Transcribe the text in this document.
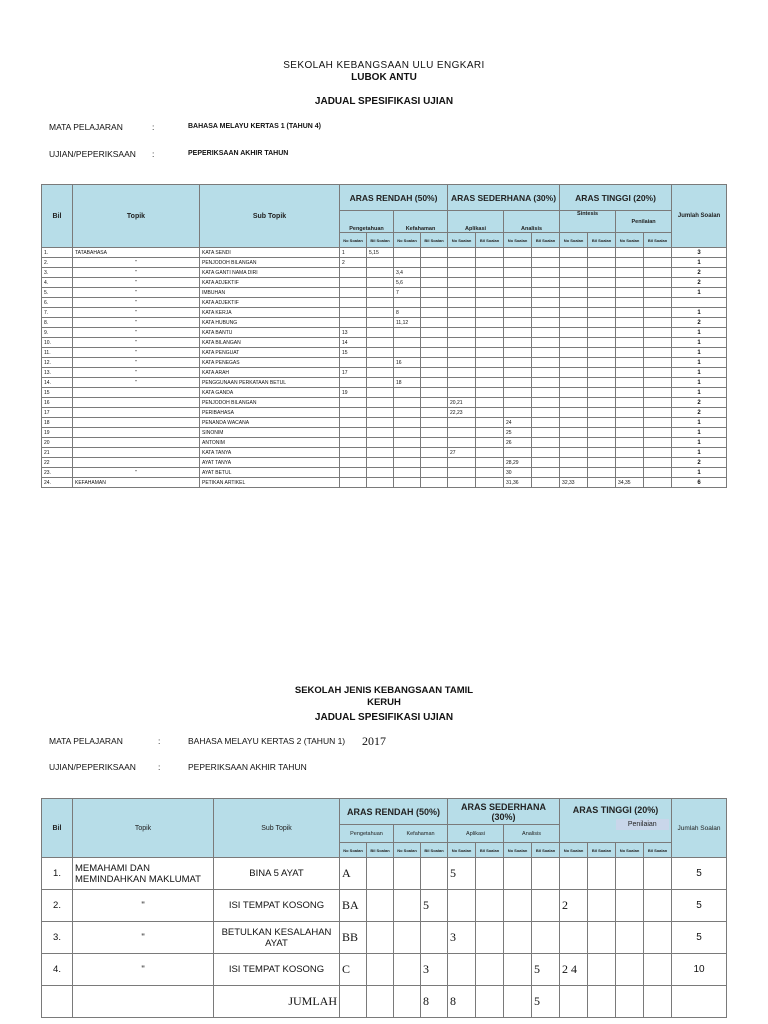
SEKOLAH KEBANGSAAN ULU ENGKARI
LUBOK ANTU
JADUAL SPESIFIKASI UJIAN
MATA PELAJARAN	:	BAHASA MELAYU KERTAS 1 (TAHUN 4)
UJIAN/PEPERIKSAAN :	PEPERIKSAAN AKHIR TAHUN
Bil	Topik	Sub Topik	ARAS RENDAH (50%)				ARAS SEDERHANA (30%)				ARAS TINGGI (20%)				Jumlah Soalan
			Pengetahuan		Kefahaman		Aplikasi		Analisis		Sintesis		Penilaian		
			No Soalan	Bil Soalan	No Soalan	Bil Soalan	No Soalan	Bil Soalan	No Soalan	Bil Soalan	No Soalan	Bil Soalan	No Soalan	Bil Soalan	
1.	TATABAHASA	KATA SENDI	1	5,15											3
2.	"	PENJODOH BILANGAN	2												1
3.	"	KATA GANTI NAMA DIRI			3,4										2
4.	"	KATA ADJEKTIF			5,6										2
5.	"	IMBUHAN			7										1
6.	"	KATA ADJEKTIF													
7.	"	KATA KERJA			8										1
8.	"	KATA HUBUNG			11,12										2
9.	"	KATA BANTU	13												1
10.	"	KATA BILANGAN	14												1
11.	"	KATA PENGUAT	15												1
12.	"	KATA PENEGAS			16										1
13.	"	KATA ARAH	17												1
14.	"	PENGGUNAAN PERKATAAN BETUL			18										1
15		KATA GANDA	19												1
16		PENJODOH BILANGAN					20,21								2
17		PERIBAHASA					22,23								2
18		PENANDA WACANA							24						1
19		SINONIM							25						1
20		ANTONIM							26						1
21		KATA TANYA					27								1
22		AYAT TANYA							28,29						2
23.	"	AYAT BETUL							30						1
24.	KEFAHAMAN	PETIKAN ARTIKEL							31,36		32,33		34,35		6
SEKOLAH JENIS KEBANGSAAN TAMIL
KERUH
JADUAL SPESIFIKASI UJIAN
MATA PELAJARAN	:	BAHASA MELAYU KERTAS 2 (TAHUN 1) 2017
UJIAN/PEPERIKSAAN	:	PEPERIKSAAN AKHIR TAHUN
Bil	Topik	Sub Topik	ARAS RENDAH (50%)				ARAS SEDERHANA (30%)				ARAS TINGGI (20%)
Penilaian				Jumlah Soalan
			Pengetahuan		Kefahaman		Aplikasi		Analisis						
			No Soalan	Bil Soalan	No Soalan	Bil Soalan	No Soalan	Bil Soalan	No Soalan	Bil Soalan	No Soalan	Bil Soalan	No Soalan	Bil Soalan	
1.	MEMAHAMI DAN MEMINDAHKAN MAKLUMAT	BINA 5 AYAT	A				5								5
2.	"	ISI TEMPAT KOSONG	BA			5					2				5
3.	"	BETULKAN KESALAHAN AYAT	BB				3								5
4.	"	ISI TEMPAT KOSONG	C			3				5	2 4				10
		JUMLAH				8	8			5					
